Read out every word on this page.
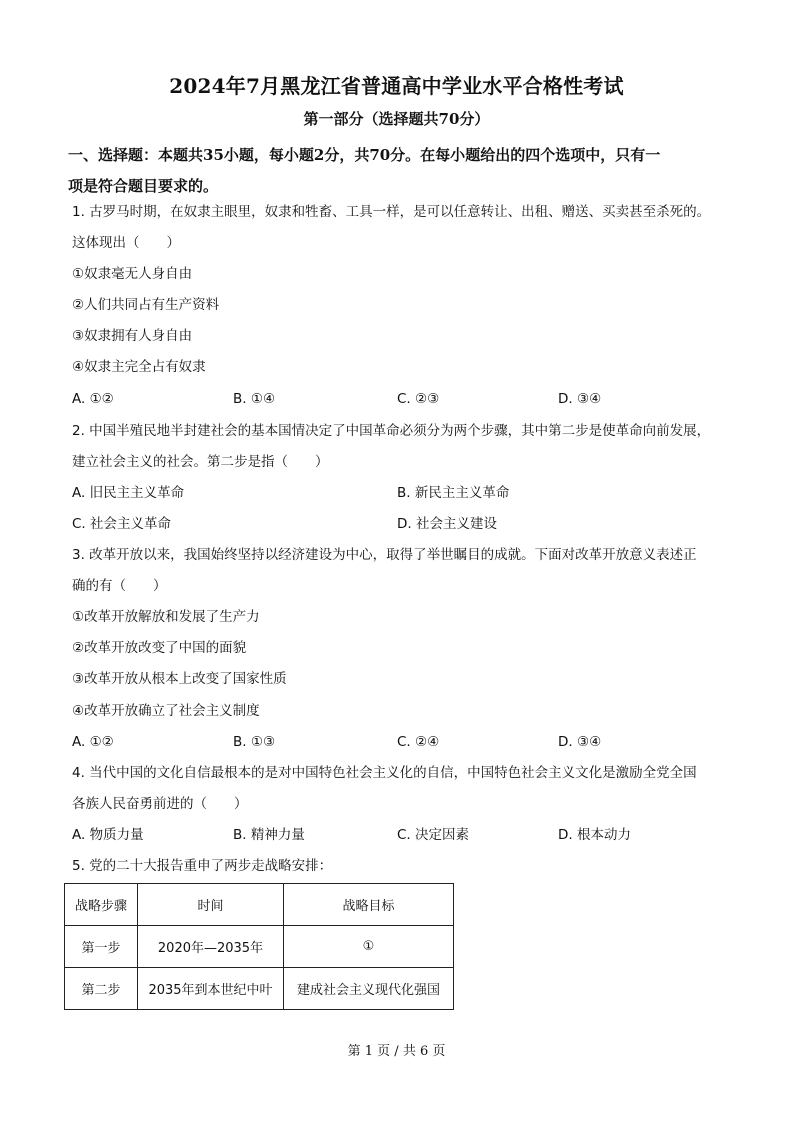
2024年7月黑龙江省普通高中学业水平合格性考试
第一部分（选择题共70分）
一、选择题：本题共35小题，每小题2分，共70分。在每小题给出的四个选项中，只有一
项是符合题目要求的。
1. 古罗马时期，在奴隶主眼里，奴隶和牲畜、工具一样，是可以任意转让、出租、赠送、买卖甚至杀死的。
这体现出（　　）
①奴隶毫无人身自由
②人们共同占有生产资料
③奴隶拥有人身自由
④奴隶主完全占有奴隶
A. ①②	B. ①④	C. ②③	D. ③④
2. 中国半殖民地半封建社会的基本国情决定了中国革命必须分为两个步骤，其中第二步是使革命向前发展，
建立社会主义的社会。第二步是指（　　）
A. 旧民主主义革命	B. 新民主主义革命
C. 社会主义革命	D. 社会主义建设
3. 改革开放以来，我国始终坚持以经济建设为中心，取得了举世瞩目的成就。下面对改革开放意义表述正
确的有（　　）
①改革开放解放和发展了生产力
②改革开放改变了中国的面貌
③改革开放从根本上改变了国家性质
④改革开放确立了社会主义制度
A. ①②	B. ①③	C. ②④	D. ③④
4. 当代中国的文化自信最根本的是对中国特色社会主义化的自信，中国特色社会主义文化是激励全党全国
各族人民奋勇前进的（　　）
A. 物质力量	B. 精神力量	C. 决定因素	D. 根本动力
5. 党的二十大报告重申了两步走战略安排：
战略步骤	时间	战略目标
第一步	2020年—2035年	①
第二步	2035年到本世纪中叶	建成社会主义现代化强国
第 1 页 / 共 6 页
